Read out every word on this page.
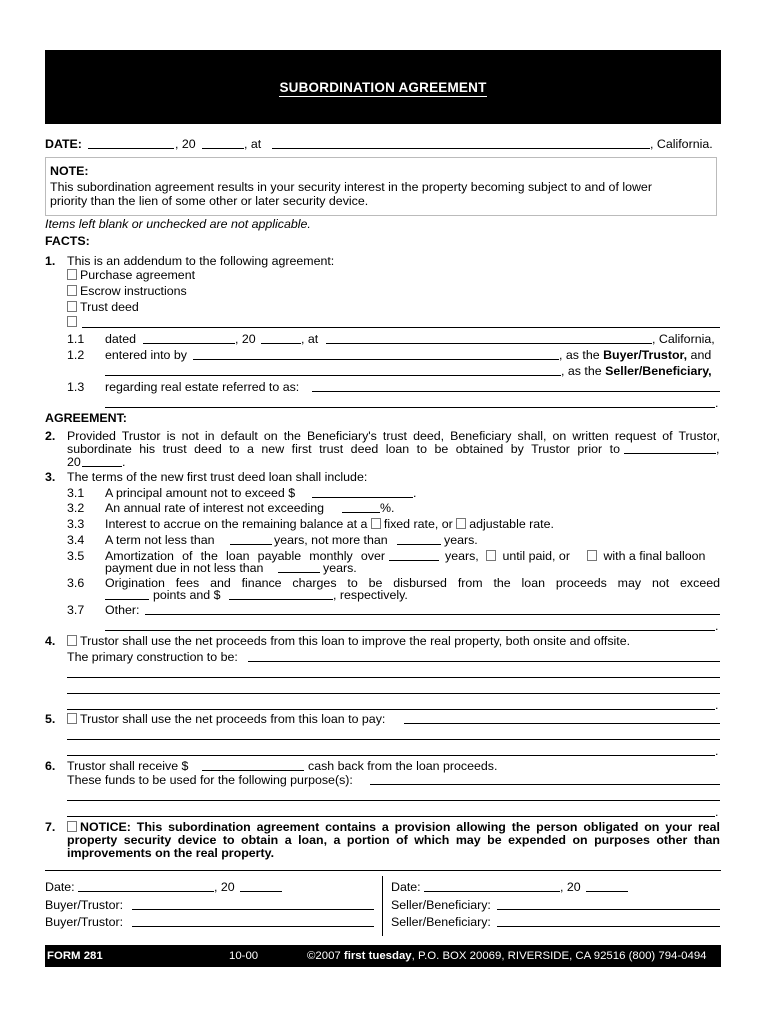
SUBORDINATION AGREEMENT
DATE:	, 20	, at	, California.
NOTE:
This subordination agreement results in your security interest in the property becoming subject to and of lower
priority than the lien of some other or later security device.
Items left blank or unchecked are not applicable.
FACTS:
1. This is an addendum to the following agreement:
Purchase agreement
Escrow instructions
Trust deed
1.1 dated	, 20	, at	, California,
1.2 entered into by	, as the Buyer/Trustor, and
, as the Seller/Beneficiary,
1.3 regarding real estate referred to as:
.
AGREEMENT:
2. Provided Trustor is not in default on the Beneficiary's trust deed, Beneficiary shall, on written request of Trustor,
subordinate his trust deed to a new first trust deed loan to be obtained by Trustor prior to	,
20	.
3. The terms of the new first trust deed loan shall include:
3.1 A principal amount not to exceed $	.
3.2 An annual rate of interest not exceeding	%.
3.3 Interest to accrue on the remaining balance at a fixed rate, or adjustable rate.
3.4 A term not less than	years, not more than	years.
3.5 Amortization of the loan payable monthly over	years,	until paid, or	with a final balloon
payment due in not less than	years.
3.6 Origination fees and finance charges to be disbursed from the loan proceeds may not exceed
points and $	, respectively.
3.7 Other:
.
4.	Trustor shall use the net proceeds from this loan to improve the real property, both onsite and offsite.
The primary construction to be:
.
5.	Trustor shall use the net proceeds from this loan to pay:
.
6. Trustor shall receive $	cash back from the loan proceeds.
These funds to be used for the following purpose(s):
.
7.	NOTICE: This subordination agreement contains a provision allowing the person obligated on your real
property security device to obtain a loan, a portion of which may be expended on purposes other than
improvements on the real property.
Date:	, 20
Buyer/Trustor:
Buyer/Trustor:
Date:	, 20
Seller/Beneficiary:
Seller/Beneficiary:
FORM 281	10-00	©2007 first tuesday, P.O. BOX 20069, RIVERSIDE, CA 92516 (800) 794-0494
